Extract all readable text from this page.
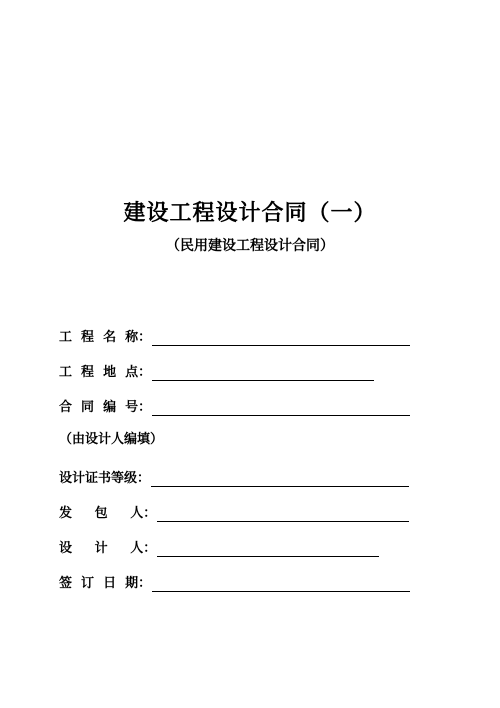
建设工程设计合同（一）
（民用建设工程设计合同）
工  程  名  称：
工  程  地  点：
合  同  编  号：
（由设计人编填）
设计证书等级：
发     包     人：
设     计     人：
签  订  日  期：
